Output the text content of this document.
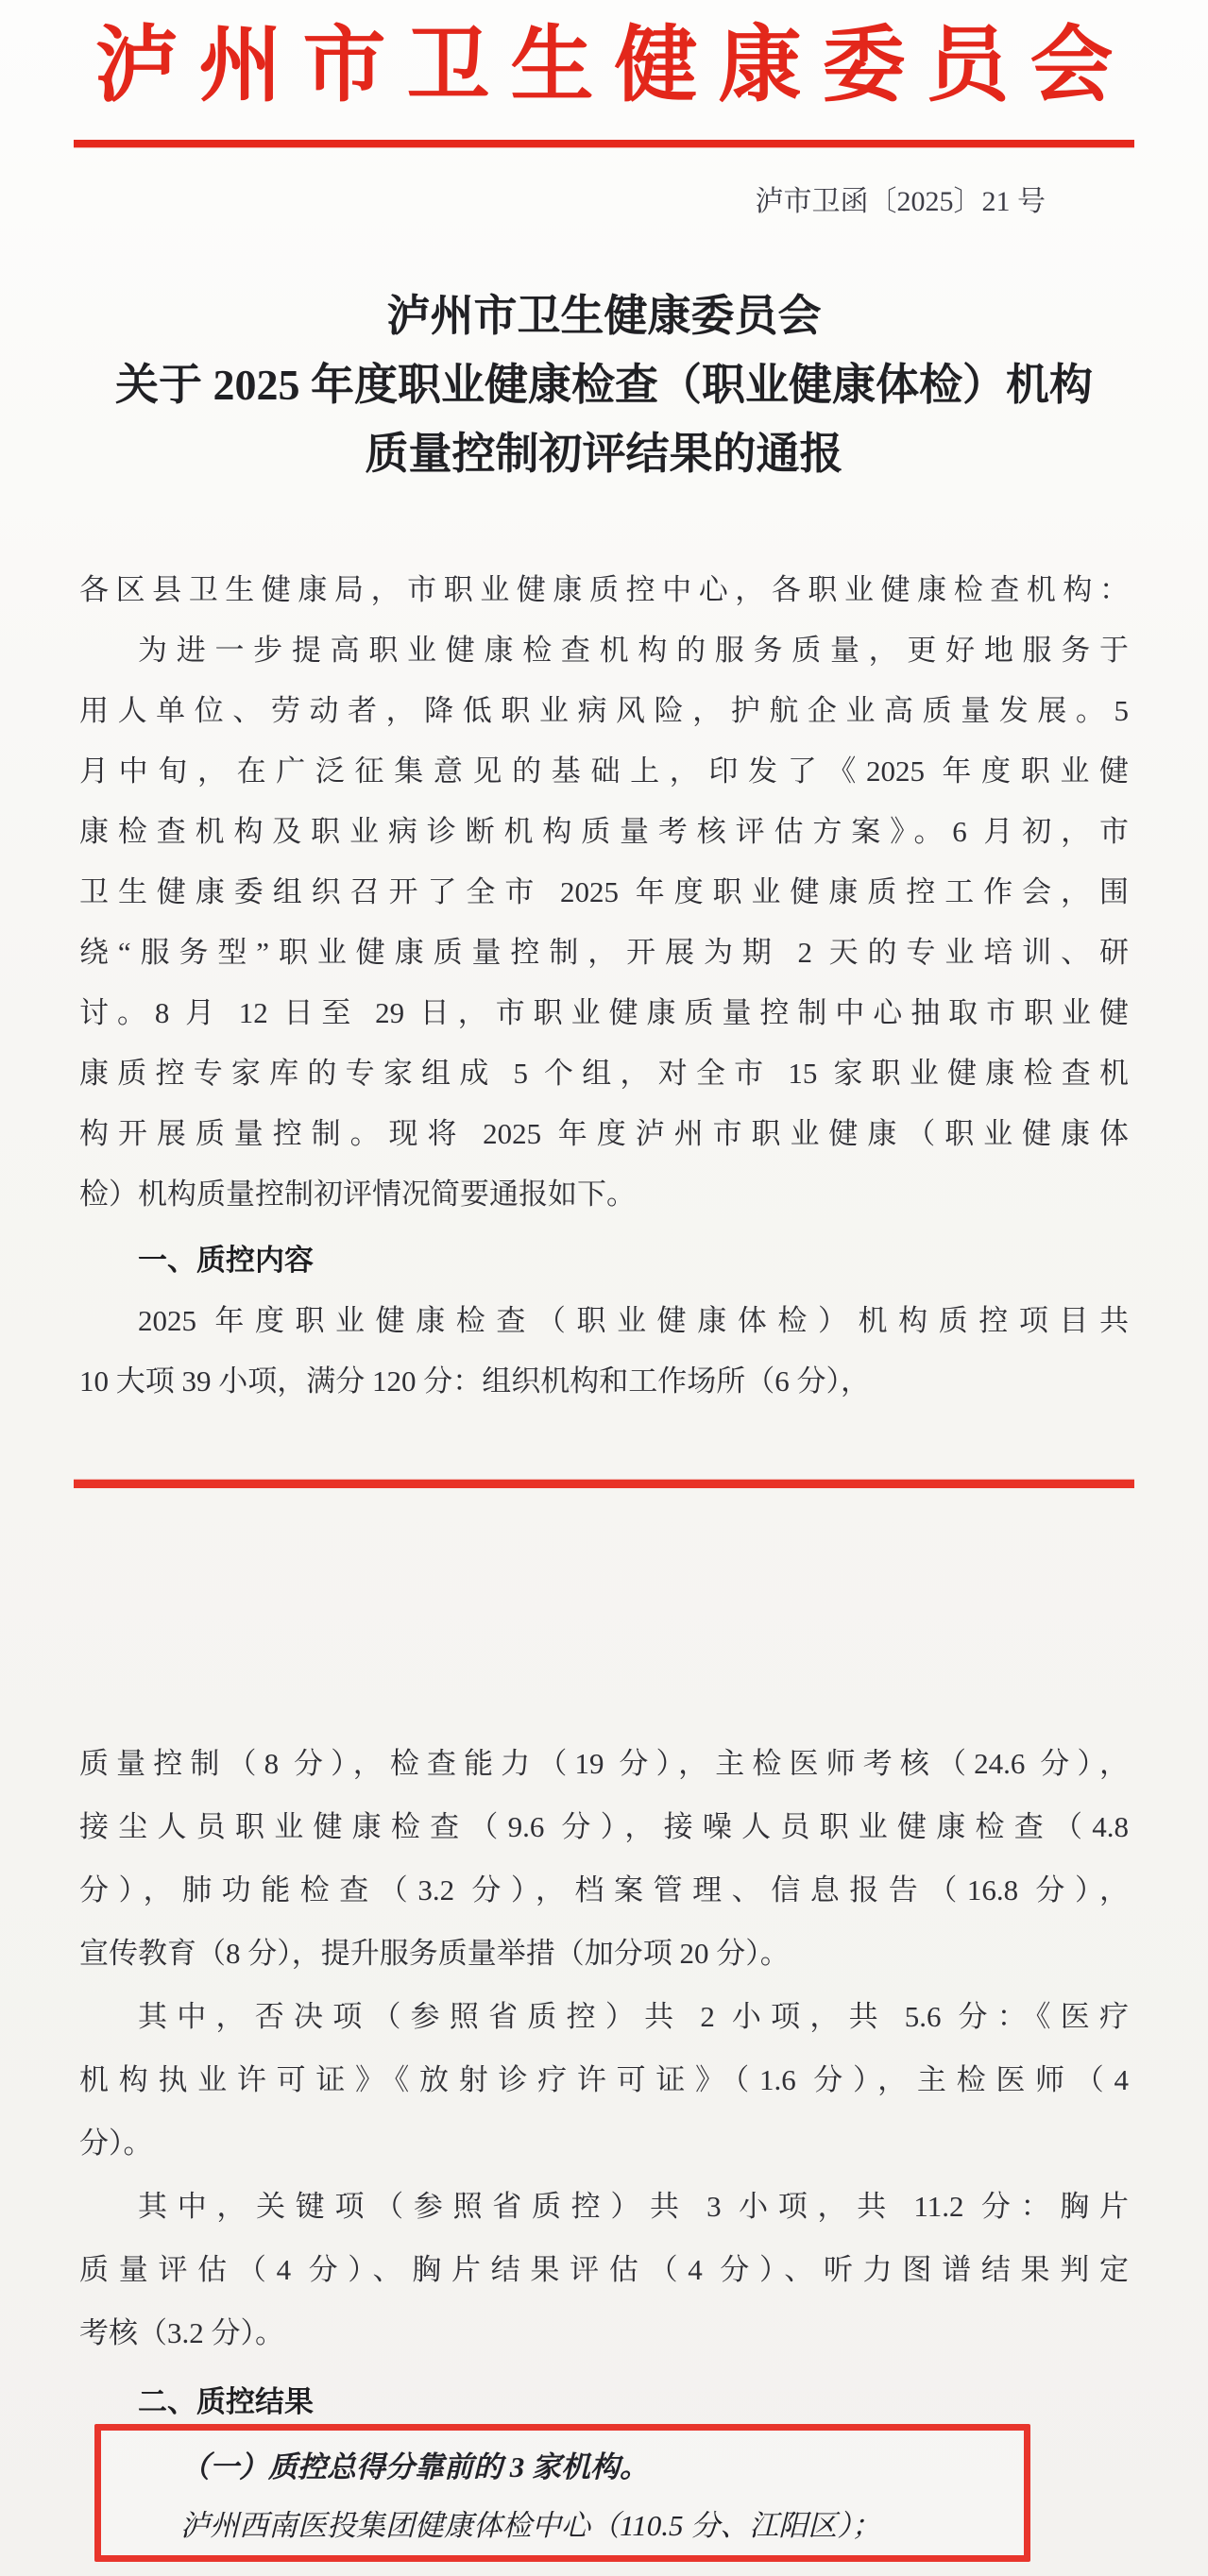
泸州市卫生健康委员会
泸市卫函〔2025〕21 号
泸州市卫生健康委员会
关于 2025 年度职业健康检查（职业健康体检）机构
质量控制初评结果的通报
各区县卫生健康局，市职业健康质控中心，各职业健康检查机构：
为进一步提高职业健康检查机构的服务质量，更好地服务于
用人单位、劳动者，降低职业病风险，护航企业高质量发展。5
月中旬，在广泛征集意见的基础上，印发了《2025 年度职业健
康检查机构及职业病诊断机构质量考核评估方案》。6 月初，市
卫生健康委组织召开了全市 2025 年度职业健康质控工作会，围
绕“服务型”职业健康质量控制，开展为期 2 天的专业培训、研
讨。8 月 12 日至 29 日，市职业健康质量控制中心抽取市职业健
康质控专家库的专家组成 5 个组，对全市 15 家职业健康检查机
构开展质量控制。现将 2025 年度泸州市职业健康（职业健康体
检）机构质量控制初评情况简要通报如下。
一、质控内容
2025 年度职业健康检查（职业健康体检）机构质控项目共
10 大项 39 小项，满分 120 分：组织机构和工作场所（6 分），
质量控制（8 分），检查能力（19 分），主检医师考核（24.6 分），
接尘人员职业健康检查（9.6 分），接噪人员职业健康检查（4.8
分），肺功能检查（3.2 分），档案管理、信息报告（16.8 分），
宣传教育（8 分），提升服务质量举措（加分项 20 分）。
其中，否决项（参照省质控）共 2 小项，共 5.6 分：《医疗
机构执业许可证》《放射诊疗许可证》（1.6 分），主检医师（4
分）。
其中，关键项（参照省质控）共 3 小项，共 11.2 分：胸片
质量评估（4 分）、胸片结果评估（4 分）、听力图谱结果判定
考核（3.2 分）。
二、质控结果
（一）质控总得分靠前的 3 家机构。
泸州西南医投集团健康体检中心（110.5 分、江阳区）；
